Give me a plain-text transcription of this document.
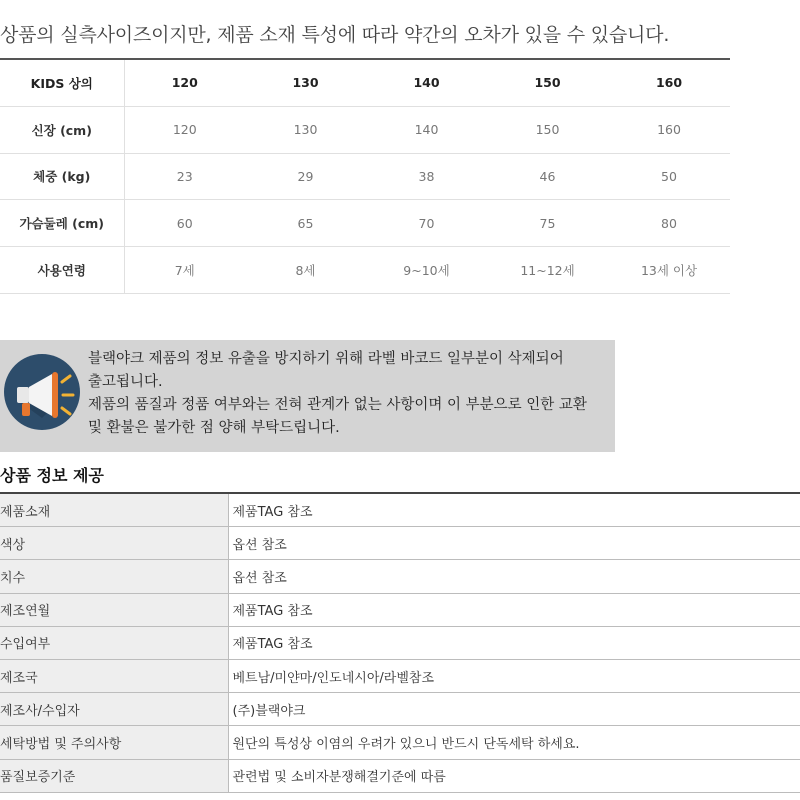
상품의 실측사이즈이지만, 제품 소재 특성에 따라 약간의 오차가 있을 수 있습니다.
KIDS 상의	120	130	140	150	160
신장 (cm)	120	130	140	150	160
체중 (kg)	23	29	38	46	50
가슴둘레 (cm)	60	65	70	75	80
사용연령	7세	8세	9~10세	11~12세	13세 이상
블랙야크 제품의 정보 유출을 방지하기 위해 라벨 바코드 일부분이 삭제되어
출고됩니다.
제품의 품질과 정품 여부와는 전혀 관계가 없는 사항이며 이 부분으로 인한 교환
및 환불은 불가한 점 양해 부탁드립니다.
상품 정보 제공
제품소재	제품TAG 참조
색상	옵션 참조
치수	옵션 참조
제조연월	제품TAG 참조
수입여부	제품TAG 참조
제조국	베트남/미얀마/인도네시아/라벨참조
제조사/수입자	(주)블랙야크
세탁방법 및 주의사항	원단의 특성상 이염의 우려가 있으니 반드시 단독세탁 하세요.
품질보증기준	관련법 및 소비자분쟁해결기준에 따름
